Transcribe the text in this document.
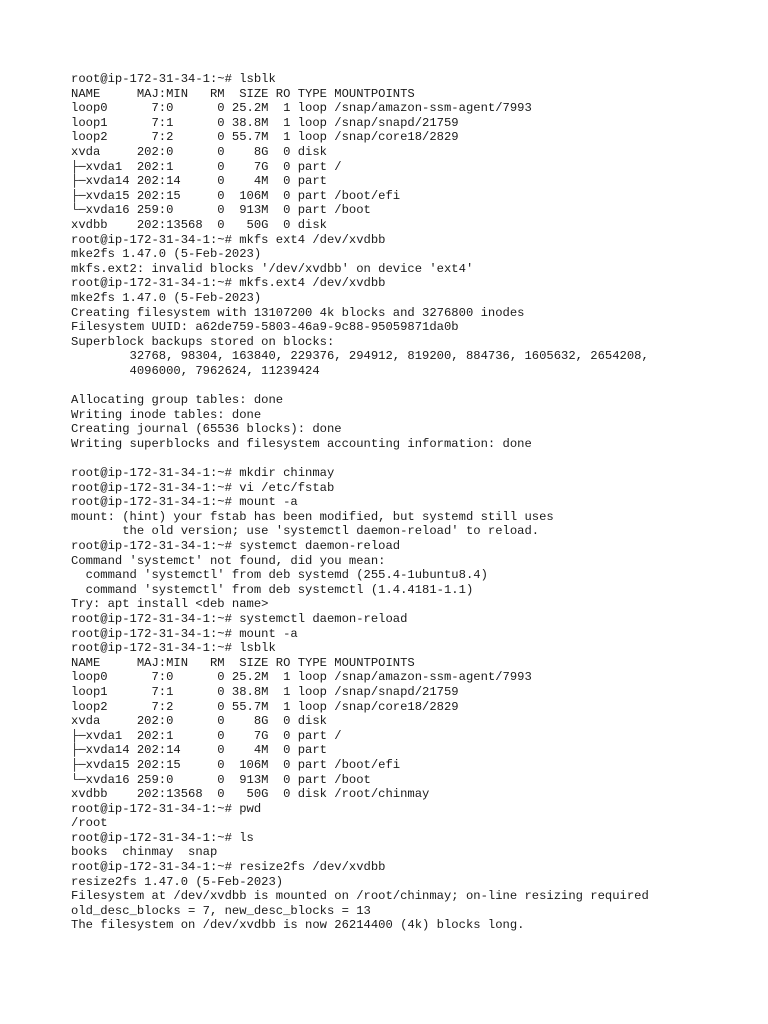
root@ip-172-31-34-1:~# lsblk
NAME     MAJ:MIN   RM  SIZE RO TYPE MOUNTPOINTS
loop0      7:0      0 25.2M  1 loop /snap/amazon-ssm-agent/7993
loop1      7:1      0 38.8M  1 loop /snap/snapd/21759
loop2      7:2      0 55.7M  1 loop /snap/core18/2829
xvda     202:0      0    8G  0 disk
├─xvda1  202:1      0    7G  0 part /
├─xvda14 202:14     0    4M  0 part
├─xvda15 202:15     0  106M  0 part /boot/efi
└─xvda16 259:0      0  913M  0 part /boot
xvdbb    202:13568  0   50G  0 disk
root@ip-172-31-34-1:~# mkfs ext4 /dev/xvdbb
mke2fs 1.47.0 (5-Feb-2023)
mkfs.ext2: invalid blocks '/dev/xvdbb' on device 'ext4'
root@ip-172-31-34-1:~# mkfs.ext4 /dev/xvdbb
mke2fs 1.47.0 (5-Feb-2023)
Creating filesystem with 13107200 4k blocks and 3276800 inodes
Filesystem UUID: a62de759-5803-46a9-9c88-95059871da0b
Superblock backups stored on blocks:
32768, 98304, 163840, 229376, 294912, 819200, 884736, 1605632, 2654208,
4096000, 7962624, 11239424
Allocating group tables: done
Writing inode tables: done
Creating journal (65536 blocks): done
Writing superblocks and filesystem accounting information: done
root@ip-172-31-34-1:~# mkdir chinmay
root@ip-172-31-34-1:~# vi /etc/fstab
root@ip-172-31-34-1:~# mount -a
mount: (hint) your fstab has been modified, but systemd still uses
the old version; use 'systemctl daemon-reload' to reload.
root@ip-172-31-34-1:~# systemct daemon-reload
Command 'systemct' not found, did you mean:
command 'systemctl' from deb systemd (255.4-1ubuntu8.4)
command 'systemctl' from deb systemctl (1.4.4181-1.1)
Try: apt install <deb name>
root@ip-172-31-34-1:~# systemctl daemon-reload
root@ip-172-31-34-1:~# mount -a
root@ip-172-31-34-1:~# lsblk
NAME     MAJ:MIN   RM  SIZE RO TYPE MOUNTPOINTS
loop0      7:0      0 25.2M  1 loop /snap/amazon-ssm-agent/7993
loop1      7:1      0 38.8M  1 loop /snap/snapd/21759
loop2      7:2      0 55.7M  1 loop /snap/core18/2829
xvda     202:0      0    8G  0 disk
├─xvda1  202:1      0    7G  0 part /
├─xvda14 202:14     0    4M  0 part
├─xvda15 202:15     0  106M  0 part /boot/efi
└─xvda16 259:0      0  913M  0 part /boot
xvdbb    202:13568  0   50G  0 disk /root/chinmay
root@ip-172-31-34-1:~# pwd
/root
root@ip-172-31-34-1:~# ls
books  chinmay  snap
root@ip-172-31-34-1:~# resize2fs /dev/xvdbb
resize2fs 1.47.0 (5-Feb-2023)
Filesystem at /dev/xvdbb is mounted on /root/chinmay; on-line resizing required
old_desc_blocks = 7, new_desc_blocks = 13
The filesystem on /dev/xvdbb is now 26214400 (4k) blocks long.
